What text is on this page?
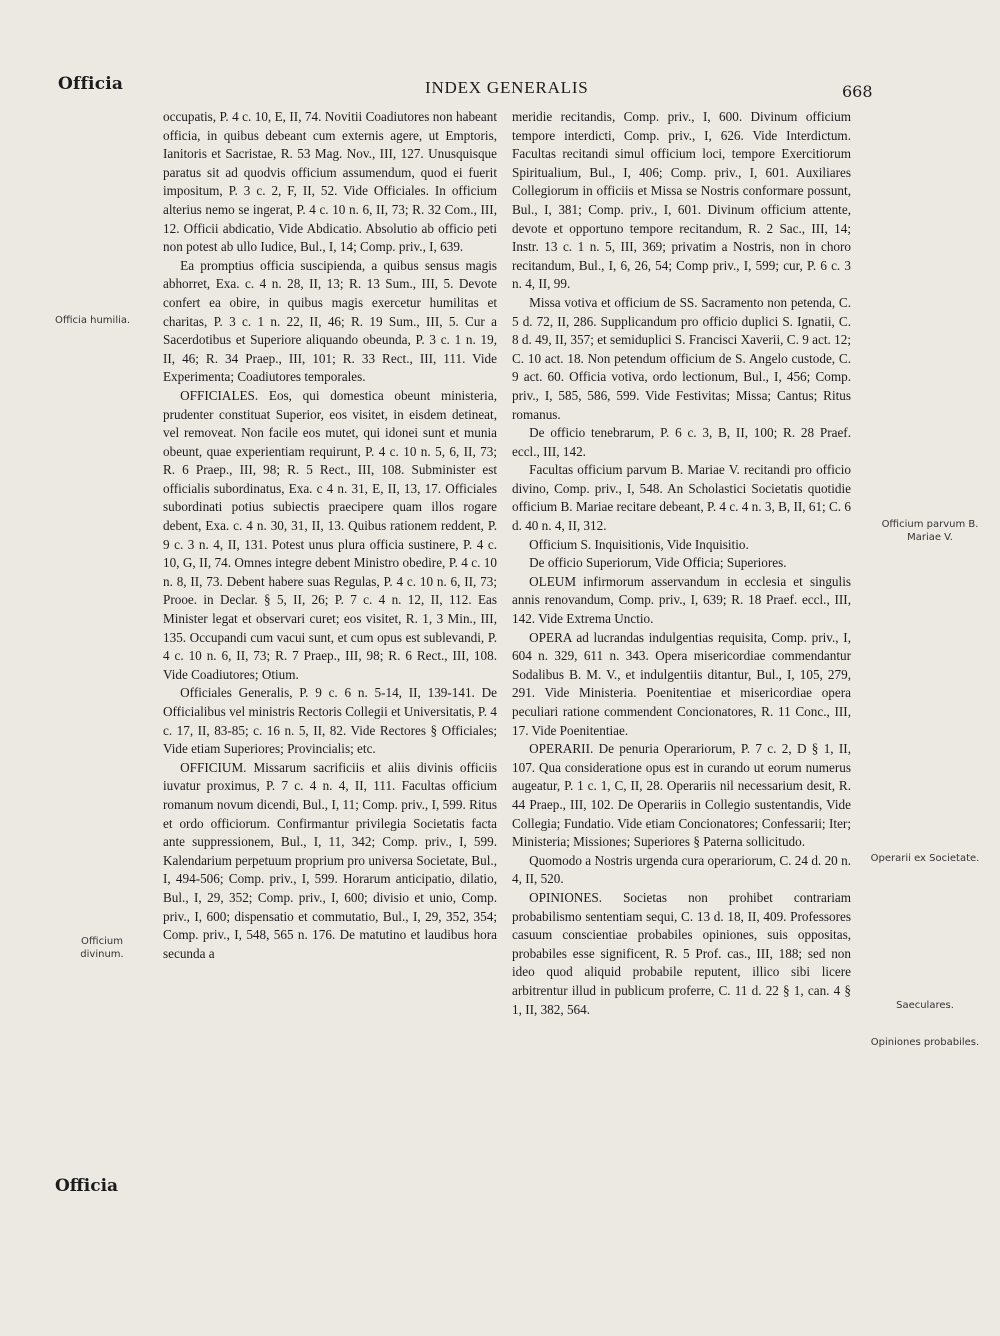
Officia	INDEX GENERALIS	668
Officia humilia.
Officium divinum.
Officium parvum B. Mariae V.
Operarii ex Societate.
Saeculares.
Opiniones probabiles.

occupatis, P. 4 c. 10, E, II, 74. Novitii Coadiutores non habeant officia, in quibus debeant cum externis agere, ut Emptoris, Ianitoris et Sacristae, R. 53 Mag. Nov., III, 127. Unusquisque paratus sit ad quodvis officium assumendum, quod ei fuerit impositum, P. 3 c. 2, F, II, 52. Vide Officiales. In officium alterius nemo se ingerat, P. 4 c. 10 n. 6, II, 73; R. 32 Com., III, 12. Officii abdicatio, Vide Abdicatio. Absolutio ab officio peti non potest ab ullo Iudice, Bul., I, 14; Comp. priv., I, 639.

Ea promptius officia suscipienda, a quibus sensus magis abhorret, Exa. c. 4 n. 28, II, 13; R. 13 Sum., III, 5. Devote confert ea obire, in quibus magis exercetur humilitas et charitas, P. 3 c. 1 n. 22, II, 46; R. 19 Sum., III, 5. Cur a Sacerdotibus et Superiore aliquando obeunda, P. 3 c. 1 n. 19, II, 46; R. 34 Praep., III, 101; R. 33 Rect., III, 111. Vide Experimenta; Coadiutores temporales.

OFFICIALES. Eos, qui domestica obeunt ministeria, prudenter constituat Superior, eos visitet, in eisdem detineat, vel removeat. Non facile eos mutet, qui idonei sunt et munia obeunt, quae experientiam requirunt, P. 4 c. 10 n. 5, 6, II, 73; R. 6 Praep., III, 98; R. 5 Rect., III, 108. Subminister est officialis subordinatus, Exa. c 4 n. 31, E, II, 13, 17. Officiales subordinati potius subiectis praecipere quam illos rogare debent, Exa. c. 4 n. 30, 31, II, 13. Quibus rationem reddent, P. 9 c. 3 n. 4, II, 131. Potest unus plura officia sustinere, P. 4 c. 10, G, II, 74. Omnes integre debent Ministro obedire, P. 4 c. 10 n. 8, II, 73. Debent habere suas Regulas, P. 4 c. 10 n. 6, II, 73; Prooe. in Declar. § 5, II, 26; P. 7 c. 4 n. 12, II, 112. Eas Minister legat et observari curet; eos visitet, R. 1, 3 Min., III, 135. Occupandi cum vacui sunt, et cum opus est sublevandi, P. 4 c. 10 n. 6, II, 73; R. 7 Praep., III, 98; R. 6 Rect., III, 108. Vide Coadiutores; Otium.

Officiales Generalis, P. 9 c. 6 n. 5-14, II, 139-141. De Officialibus vel ministris Rectoris Collegii et Universitatis, P. 4 c. 17, II, 83-85; c. 16 n. 5, II, 82. Vide Rectores § Officiales; Vide etiam Superiores; Provincialis; etc.

OFFICIUM. Missarum sacrificiis et aliis divinis officiis iuvatur proximus, P. 7 c. 4 n. 4, II, 111. Facultas officium romanum novum dicendi, Bul., I, 11; Comp. priv., I, 599. Ritus et ordo officiorum. Confirmantur privilegia Societatis facta ante suppressionem, Bul., I, 11, 342; Comp. priv., I, 599. Kalendarium perpetuum proprium pro universa Societate, Bul., I, 494-506; Comp. priv., I, 599. Horarum anticipatio, dilatio, Bul., I, 29, 352; Comp. priv., I, 600; divisio et unio, Comp. priv., I, 600; dispensatio et commutatio, Bul., I, 29, 352, 354; Comp. priv., I, 548, 565 n. 176. De matutino et laudibus hora secunda a

meridie recitandis, Comp. priv., I, 600. Divinum officium tempore interdicti, Comp. priv., I, 626. Vide Interdictum. Facultas recitandi simul officium loci, tempore Exercitiorum Spiritualium, Bul., I, 406; Comp. priv., I, 601. Auxiliares Collegiorum in officiis et Missa se Nostris conformare possunt, Bul., I, 381; Comp. priv., I, 601. Divinum officium attente, devote et opportuno tempore recitandum, R. 2 Sac., III, 14; Instr. 13 c. 1 n. 5, III, 369; privatim a Nostris, non in choro recitandum, Bul., I, 6, 26, 54; Comp priv., I, 599; cur, P. 6 c. 3 n. 4, II, 99.

Missa votiva et officium de SS. Sacramento non petenda, C. 5 d. 72, II, 286. Supplicandum pro officio duplici S. Ignatii, C. 8 d. 49, II, 357; et semiduplici S. Francisci Xaverii, C. 9 act. 12; C. 10 act. 18. Non petendum officium de S. Angelo custode, C. 9 act. 60. Officia votiva, ordo lectionum, Bul., I, 456; Comp. priv., I, 585, 586, 599. Vide Festivitas; Missa; Cantus; Ritus romanus.

De officio tenebrarum, P. 6 c. 3, B, II, 100; R. 28 Praef. eccl., III, 142.

Facultas officium parvum B. Mariae V. recitandi pro officio divino, Comp. priv., I, 548. An Scholastici Societatis quotidie officium B. Mariae recitare debeant, P. 4 c. 4 n. 3, B, II, 61; C. 6 d. 40 n. 4, II, 312.

Officium S. Inquisitionis, Vide Inquisitio.

De officio Superiorum, Vide Officia; Superiores.

OLEUM infirmorum asservandum in ecclesia et singulis annis renovandum, Comp. priv., I, 639; R. 18 Praef. eccl., III, 142. Vide Extrema Unctio.

OPERA ad lucrandas indulgentias requisita, Comp. priv., I, 604 n. 329, 611 n. 343. Opera misericordiae commendantur Sodalibus B. M. V., et indulgentiis ditantur, Bul., I, 105, 279, 291. Vide Ministeria. Poenitentiae et misericordiae opera peculiari ratione commendent Concionatores, R. 11 Conc., III, 17. Vide Poenitentiae.

OPERARII. De penuria Operariorum, P. 7 c. 2, D § 1, II, 107. Qua consideratione opus est in curando ut eorum numerus augeatur, P. 1 c. 1, C, II, 28. Operariis nil necessarium desit, R. 44 Praep., III, 102. De Operariis in Collegio sustentandis, Vide Collegia; Fundatio. Vide etiam Concionatores; Confessarii; Iter; Ministeria; Missiones; Superiores § Paterna sollicitudo.

Quomodo a Nostris urgenda cura operariorum, C. 24 d. 20 n. 4, II, 520.

OPINIONES. Societas non prohibet contrariam probabilismo sententiam sequi, C. 13 d. 18, II, 409. Professores casuum conscientiae probabiles opiniones, suis oppositas, probabiles esse significent, R. 5 Prof. cas., III, 188; sed non ideo quod aliquid probabile reputent, illico sibi licere arbitrentur illud in publicum proferre, C. 11 d. 22 § 1, can. 4 § 1, II, 382, 564.

Officia
